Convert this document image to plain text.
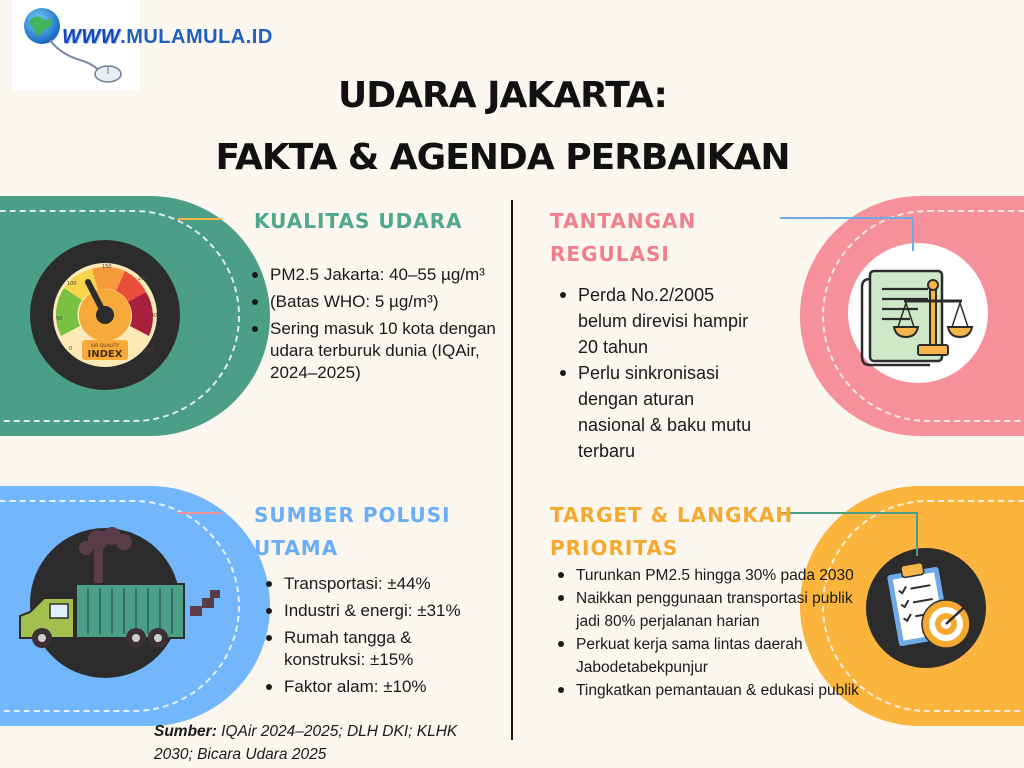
WWW.MULAMULA.ID
UDARA JAKARTA:
FAKTA & AGENDA PERBAIKAN
0
50
100
150
200
300
500
AIR QUALITY
INDEX
KUALITAS UDARA
PM2.5 Jakarta: 40–55 µg/m³
(Batas WHO: 5 µg/m³)
Sering masuk 10 kota dengan udara terburuk dunia (IQAir, 2024–2025)
TANTANGAN
REGULASI
Perda No.2/2005 belum direvisi hampir 20 tahun
Perlu sinkronisasi dengan aturan nasional & baku mutu terbaru
SUMBER POLUSI
UTAMA
Transportasi: ±44%
Industri & energi: ±31%
Rumah tangga & konstruksi: ±15%
Faktor alam: ±10%
TARGET & LANGKAH
PRIORITAS
Turunkan PM2.5 hingga 30% pada 2030
Naikkan penggunaan transportasi publik jadi 80% perjalanan harian
Perkuat kerja sama lintas daerah Jabodetabekpunjur
Tingkatkan pemantauan & edukasi publik
Sumber: IQAir 2024–2025; DLH DKI; KLHK 2030; Bicara Udara 2025
